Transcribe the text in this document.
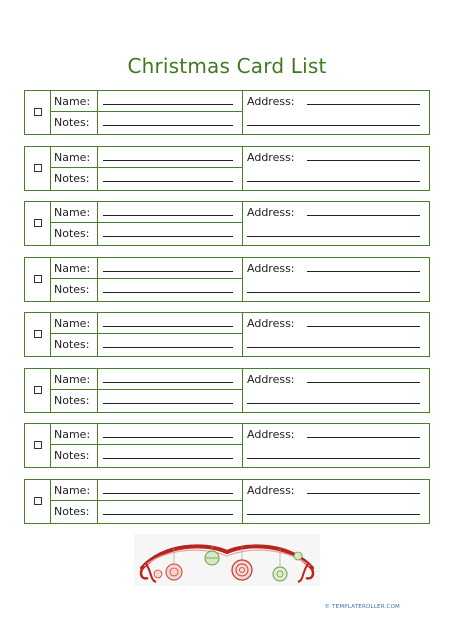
Christmas Card List
Name:
Notes:
Address:
Name:
Notes:
Address:
Name:
Notes:
Address:
Name:
Notes:
Address:
Name:
Notes:
Address:
Name:
Notes:
Address:
Name:
Notes:
Address:
Name:
Notes:
Address:
© TEMPLATEROLLER.COM
